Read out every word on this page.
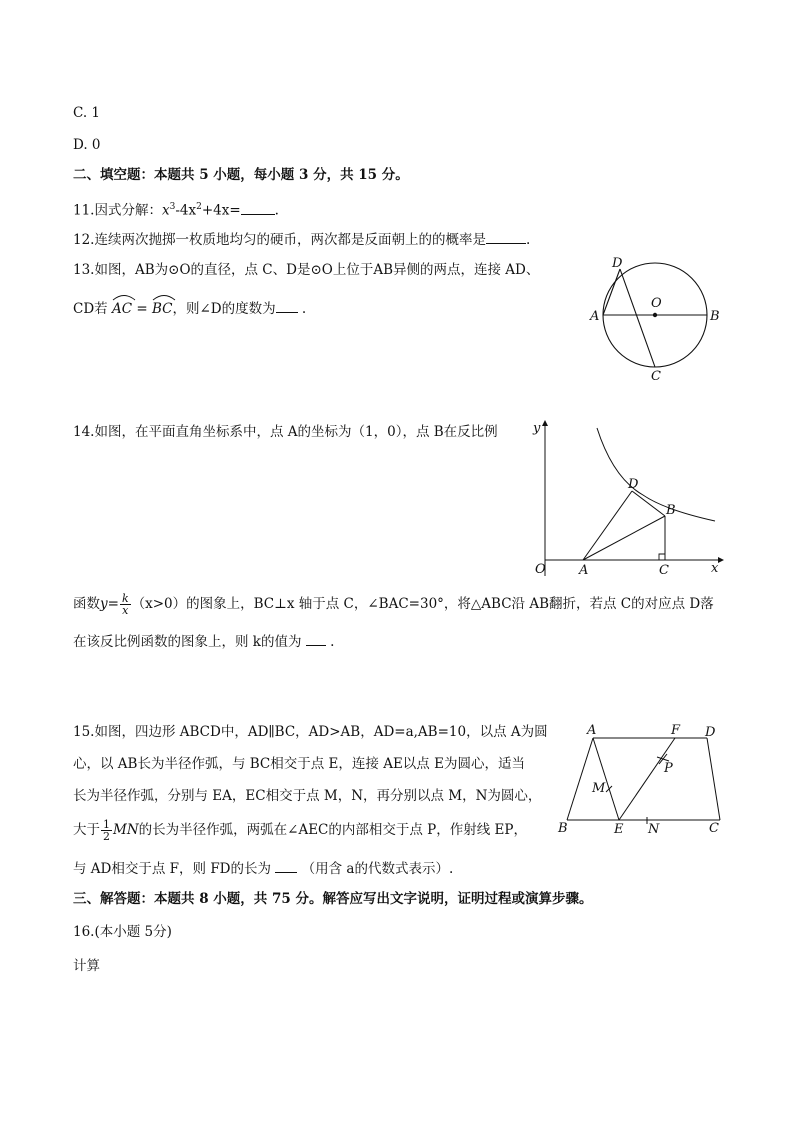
C. 1
D. 0
二、填空题：本题共 5 小题，每小题 3 分，共 15 分。
11.因式分解：$x^3-4x^2+4x=$	.
12.连续两次抛掷一枚质地均匀的硬币，两次都是反面朝上的的概率是	.
13.如图，AB为⊙O的直径，点 C、D是⊙O上位于AB异侧的两点，连接 AD、
CD若 AC =
BC，则∠D的度数为 .
D
O
A	B
C
14.如图，在平面直角坐标系中，点 A的坐标为（1，0），点 B在反比例	y
x
O	A	C
B
D
函数$y= \frac{k}{x} (x>0)$的图象上，BC⊥x 轴于点 C，∠BAC=30°，将△ABC沿 AB翻折，若点 C的对应点 D落
在该反比例函数的图象上，则 k的值为 .
15.如图，四边形 ABCD中，AD∥BC，AD>AB，AD=a,AB=10，以点 A为圆
心，以 AB长为半径作弧，与 BC相交于点 E，连接 AE以点 E为圆心，适当
长为半径作弧，分别与 EA，EC相交于点 M，N，再分别以点 M，N为圆心，
大于 $\frac{1}{2}$ MN的长为半径作弧，两弧在∠AEC的内部相交于点 P，作射线 EP，
与 AD相交于点 F，则 FD的长为 （用含 a的代数式表示）.
A	F D
P
M
B	E N	C
三、解答题：本题共 8 小题，共 75 分。解答应写出文字说明，证明过程或演算步骤。
16.(本小题 5分)
计算
